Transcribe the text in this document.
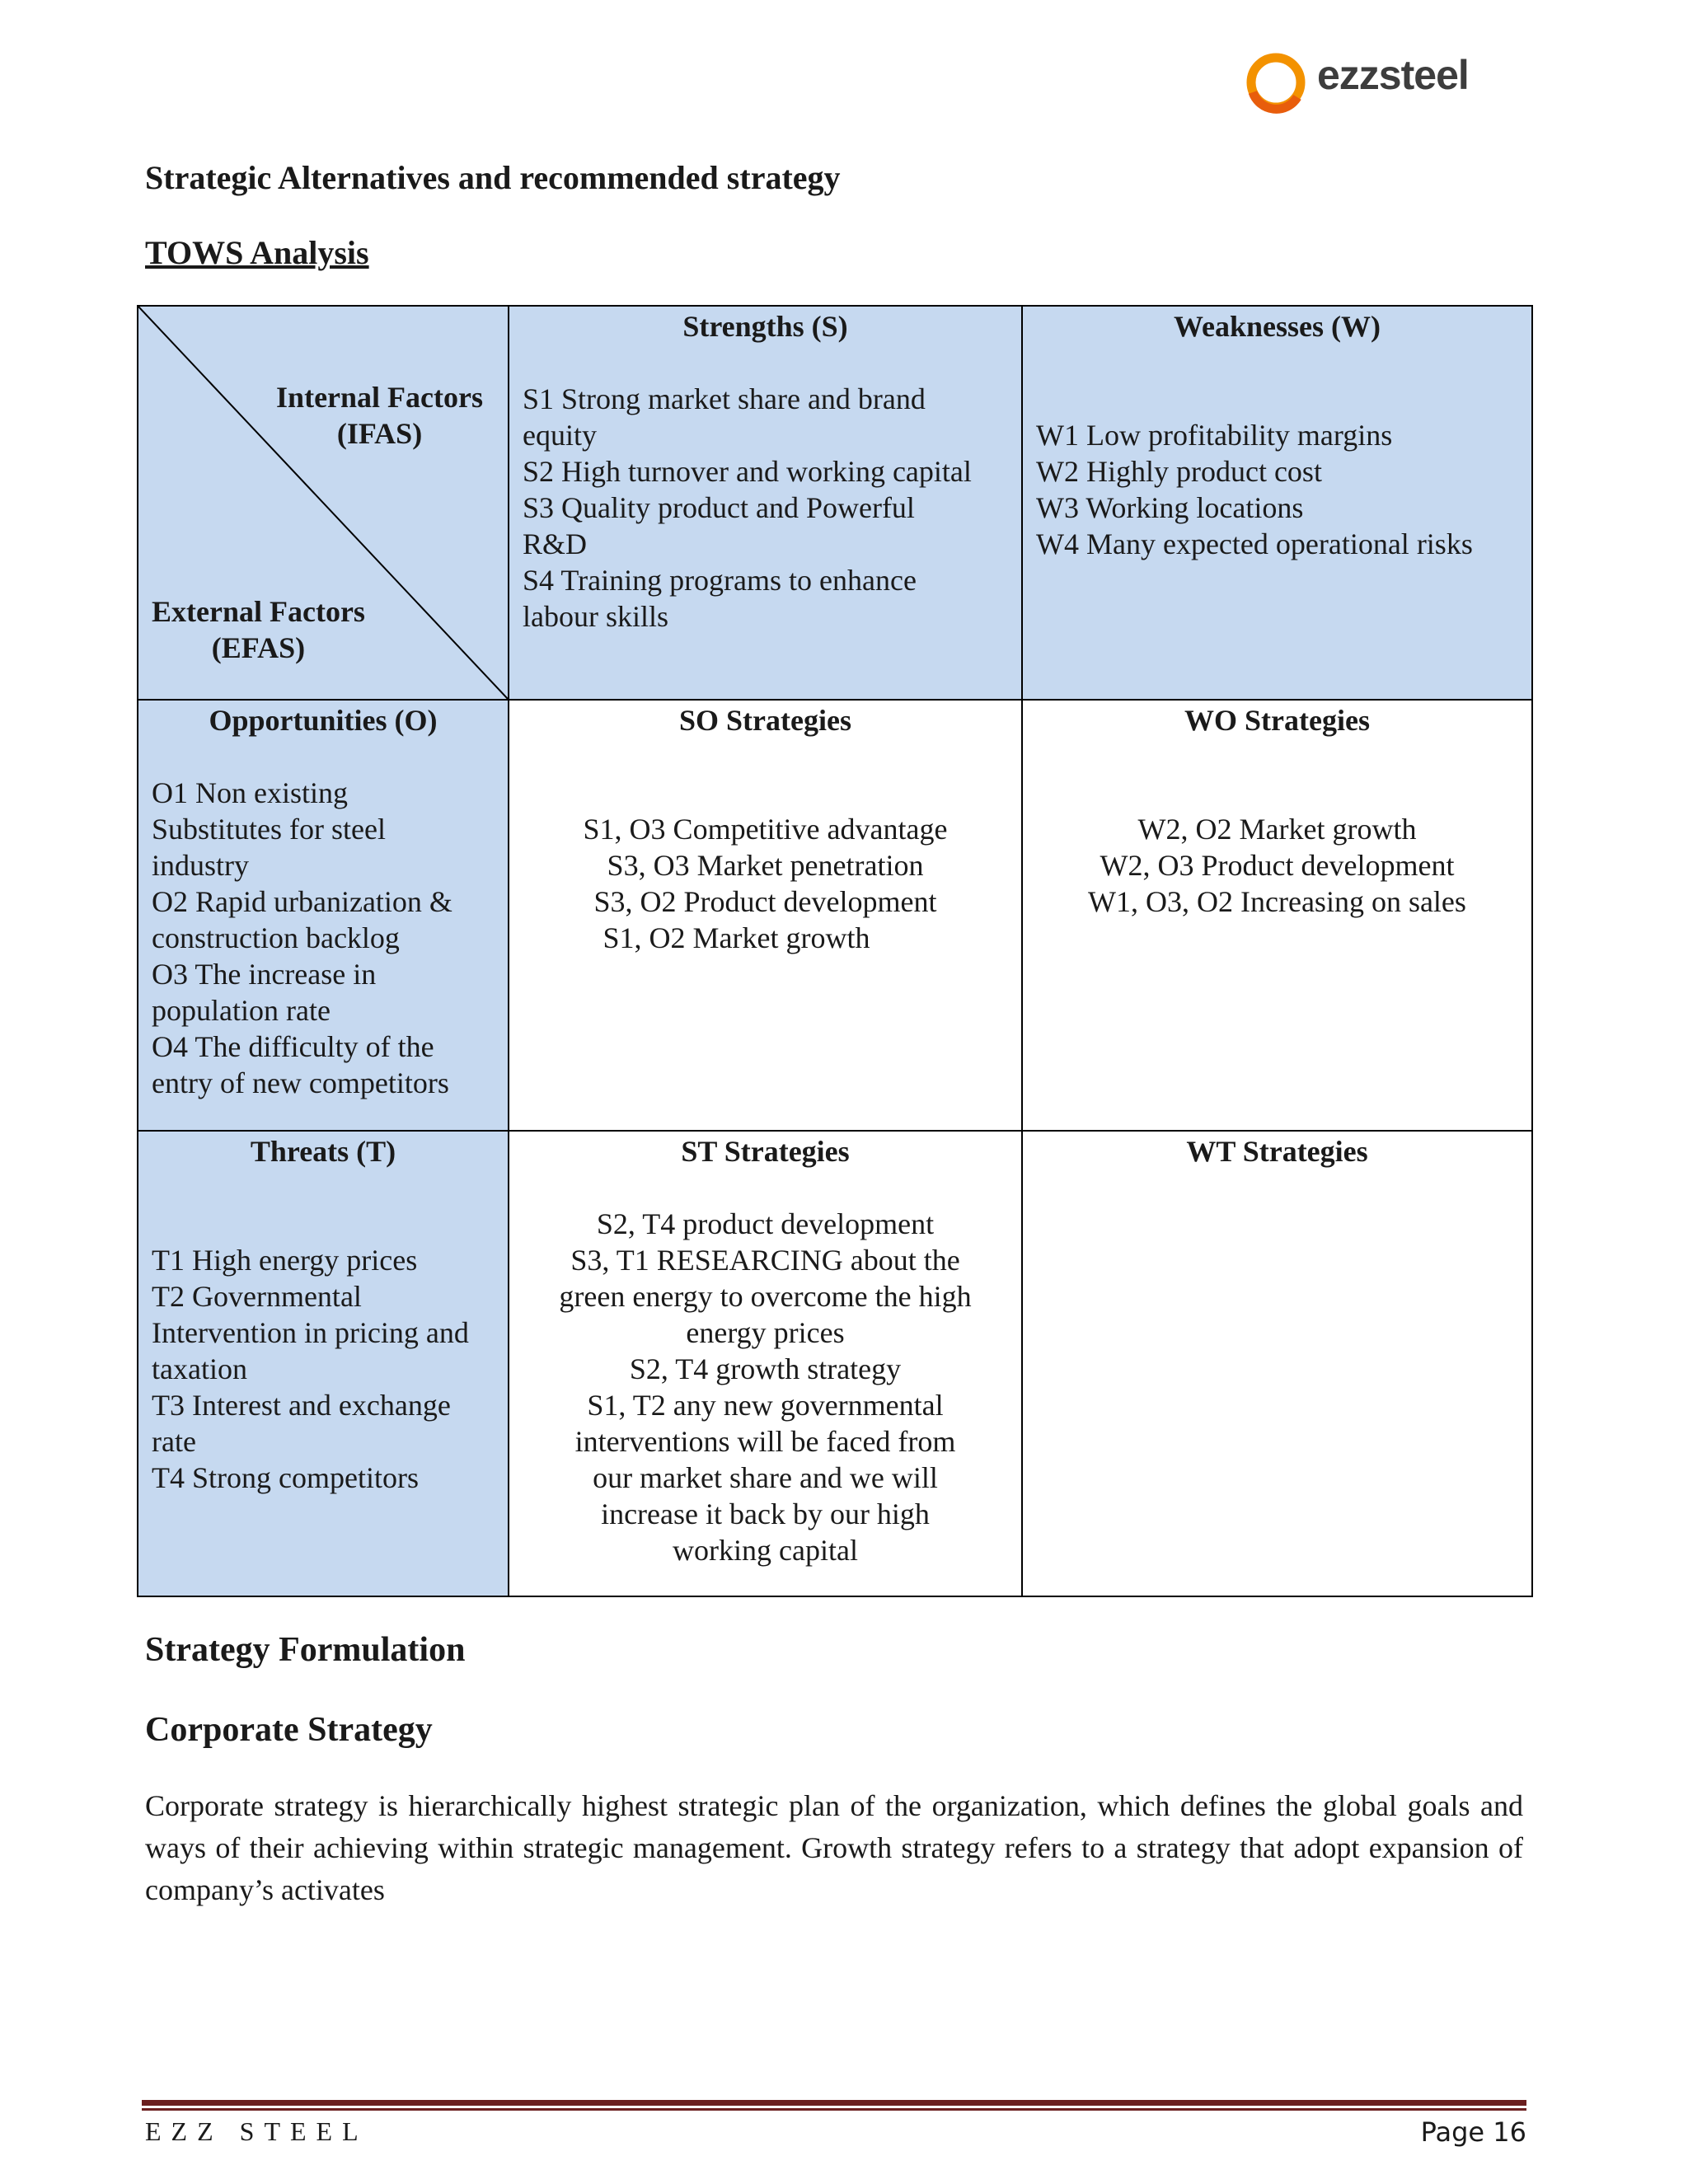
ezzsteel
Strategic Alternatives and recommended strategy
TOWS Analysis
Internal Factors
(IFAS)
External Factors
(EFAS)
Strengths (S)
S1 Strong market share and brand
equity
S2 High turnover and working capital
S3 Quality product and Powerful
R&D
S4 Training programs to enhance
labour skills
Weaknesses (W)
W1 Low profitability margins
W2 Highly product cost
W3 Working locations
W4 Many expected operational risks
Opportunities (O)
O1 Non existing
Substitutes for steel
industry
O2 Rapid urbanization &
construction backlog
O3 The increase in
population rate
O4 The difficulty of the
entry of new competitors
SO Strategies
S1, O3 Competitive advantage
S3, O3 Market penetration
S3, O2 Product development
S1, O2 Market growth
WO Strategies
W2, O2 Market growth
W2, O3 Product development
W1, O3, O2 Increasing on sales
Threats (T)
T1 High energy prices
T2 Governmental
Intervention in pricing and
taxation
T3 Interest and exchange
rate
T4 Strong competitors
ST Strategies
S2, T4 product development
S3, T1 RESEARCING about the
green energy to overcome the high
energy prices
S2, T4 growth strategy
S1, T2 any new governmental
interventions will be faced from
our market share and we will
increase it back by our high
working capital
WT Strategies
Strategy Formulation
Corporate Strategy

Corporate strategy is hierarchically highest strategic plan of the organization, which defines the global goals and ways of their achieving within strategic management. Growth strategy refers to a strategy that adopt expansion of company’s activates

EZZ STEEL	Page 16
